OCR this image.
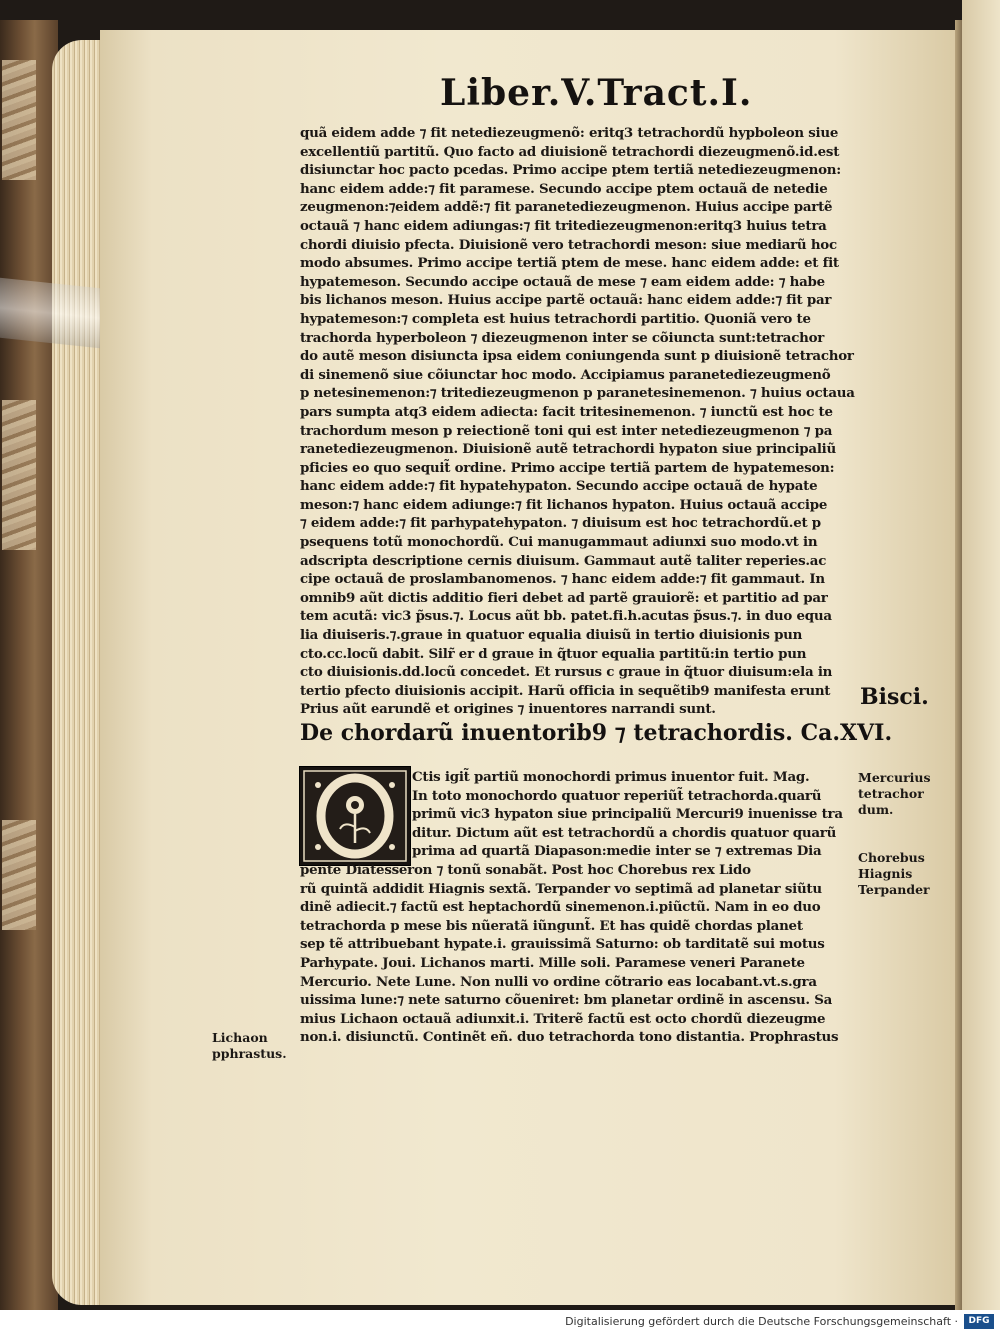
Liber.V.Tract.I.
quã eidem adde ⁊ fit netediezeugmenõ: eritq3 tetrachordũ hypboleon siue
excellentiũ partitũ. Quo facto ad diuisionẽ tetrachordi diezeugmenõ.id.est
disiunctar hoc pacto pcedas. Primo accipe ptem tertiã netediezeugmenon:
hanc eidem adde:⁊ fit paramese. Secundo accipe ptem octauã de netedie
zeugmenon:⁊eidem addẽ:⁊ fit paranetediezeugmenon. Huius accipe partẽ
octauã ⁊ hanc eidem adiungas:⁊ fit tritediezeugmenon:eritq3 huius tetra
chordi diuisio pfecta. Diuisionẽ vero tetrachordi meson: siue mediarũ hoc
modo absumes. Primo accipe tertiã ptem de mese. hanc eidem adde: et fit
hypatemeson. Secundo accipe octauã de mese ⁊ eam eidem adde: ⁊ habe
bis lichanos meson. Huius accipe partẽ octauã: hanc eidem adde:⁊ fit par
hypatemeson:⁊ completa est huius tetrachordi partitio. Quoniã vero te
trachorda hyperboleon ⁊ diezeugmenon inter se cõiuncta sunt:tetrachor
do autẽ meson disiuncta ipsa eidem coniungenda sunt p diuisionẽ tetrachor
di sinemenõ siue cõiunctar hoc modo. Accipiamus paranetediezeugmenõ
p netesinemenon:⁊ tritediezeugmenon p paranetesinemenon. ⁊ huius octaua
pars sumpta atq3 eidem adiecta: facit tritesinemenon. ⁊ iunctũ est hoc te
trachordum meson p reiectionẽ toni qui est inter netediezeugmenon ⁊ pa
ranetediezeugmenon. Diuisionẽ autẽ tetrachordi hypaton siue principaliũ
pficies eo quo sequit̃ ordine. Primo accipe tertiã partem de hypatemeson:
hanc eidem adde:⁊ fit hypatehypaton. Secundo accipe octauã de hypate
meson:⁊ hanc eidem adiunge:⁊ fit lichanos hypaton. Huius octauã accipe
⁊ eidem adde:⁊ fit parhypatehypaton. ⁊ diuisum est hoc tetrachordũ.et p
psequens totũ monochordũ. Cui manugammaut adiunxi suo modo.vt in
adscripta descriptione cernis diuisum. Gammaut autẽ taliter reperies.ac
cipe octauã de proslambanomenos. ⁊ hanc eidem adde:⁊ fit gammaut. In
omnib9 aũt dictis additio fieri debet ad partẽ grauiorẽ: et partitio ad par
tem acutã: vic3 p̃sus.⁊. Locus aũt bb. patet.fi.h.acutas p̃sus.⁊. in duo equa
lia diuiseris.⁊.graue in quatuor equalia diuisũ in tertio diuisionis pun
cto.cc.locũ dabit. Silr̃ er d graue in q̃tuor equalia partitũ:in tertio pun
cto diuisionis.dd.locũ concedet. Et rursus c graue in q̃tuor diuisum:ela in
tertio pfecto diuisionis accipit. Harũ officia in sequẽtib9 manifesta erunt
Prius aũt earundẽ et origines ⁊ inuentores narrandi sunt.	Bisci.
De chordarũ inuentorib9 ⁊ tetrachordis. Ca.XVI.
Ctis igit̃ partiũ monochordi primus inuentor fuit. Mag.
In toto monochordo quatuor reperiũt̃ tetrachorda.quarũ
primũ vic3 hypaton siue principaliũ Mercuri9 inuenisse tra
ditur. Dictum aũt est tetrachordũ a chordis quatuor quarũ
prima ad quartã Diapason:medie inter se ⁊ extremas Dia
pente Diatesseron ⁊ tonũ sonabãt. Post hoc Chorebus rex Lido
rũ quintã addidit Hiagnis sextã. Terpander vo septimã ad planetar siũtu
dinẽ adiecit.⁊ factũ est heptachordũ sinemenon.i.piũctũ. Nam in eo duo
tetrachorda p mese bis nũeratã iũngunt̃. Et has quidẽ chordas planet
sep tẽ attribuebant hypate.i. grauissimã Saturno: ob tarditatẽ sui motus
Parhypate. Joui. Lichanos marti. Mille soli. Paramese veneri Paranete
Mercurio. Nete Lune. Non nulli vo ordine cõtrario eas locabant.vt.s.gra
uissima lune:⁊ nete saturno cõueniret: bm planetar ordinẽ in ascensu. Sa
mius Lichaon octauã adiunxit.i. Triterẽ factũ est octo chordũ diezeugme
non.i. disiunctũ. Continẽt eñ. duo tetrachorda tono distantia. Prophrastus
Mercurius
tetrachor
dum.
Chorebus
Hiagnis
Terpander
Lichaon
pphrastus.
Digitalisierung gefördert durch die Deutsche Forschungsgemeinschaft ·	DFG
